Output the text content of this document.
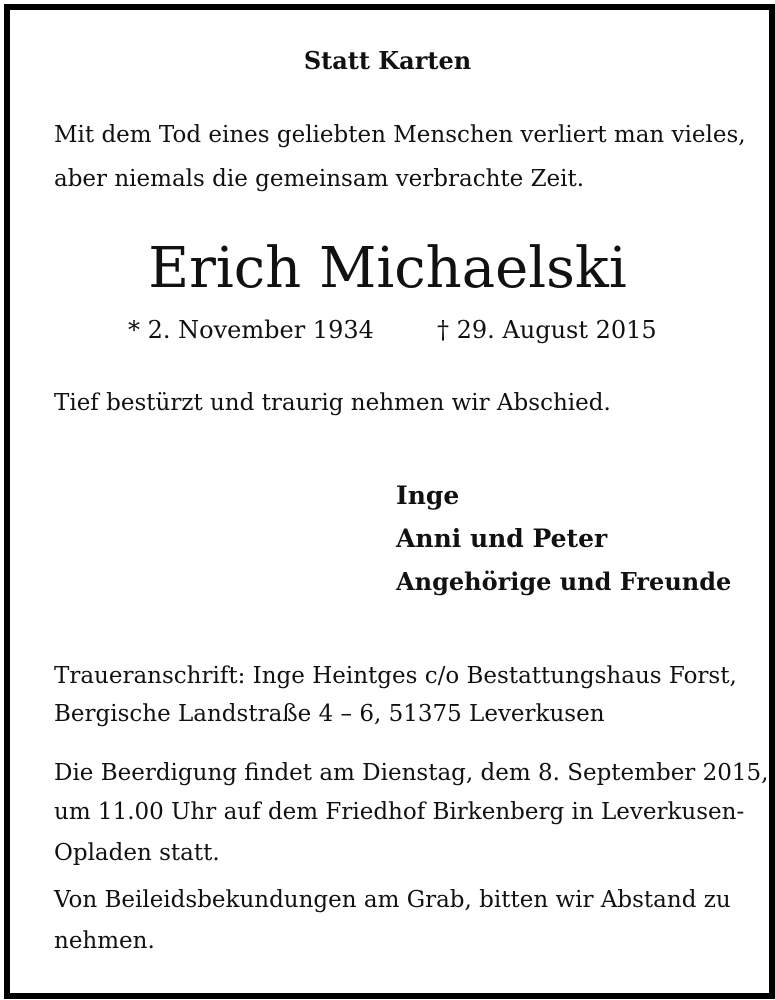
Statt Karten
Mit dem Tod eines geliebten Menschen verliert man vieles,
aber niemals die gemeinsam verbrachte Zeit.
Erich Michaelski
* 2. November 1934	† 29. August 2015
Tief bestürzt und traurig nehmen wir Abschied.
Inge
Anni und Peter
Angehörige und Freunde
Traueranschrift: Inge Heintges c/o Bestattungshaus Forst,
Bergische Landstraße 4 – 6, 51375 Leverkusen
Die Beerdigung findet am Dienstag, dem 8. September 2015,
um 11.00 Uhr auf dem Friedhof Birkenberg in Leverkusen-
Opladen statt.
Von Beileidsbekundungen am Grab, bitten wir Abstand zu
nehmen.
